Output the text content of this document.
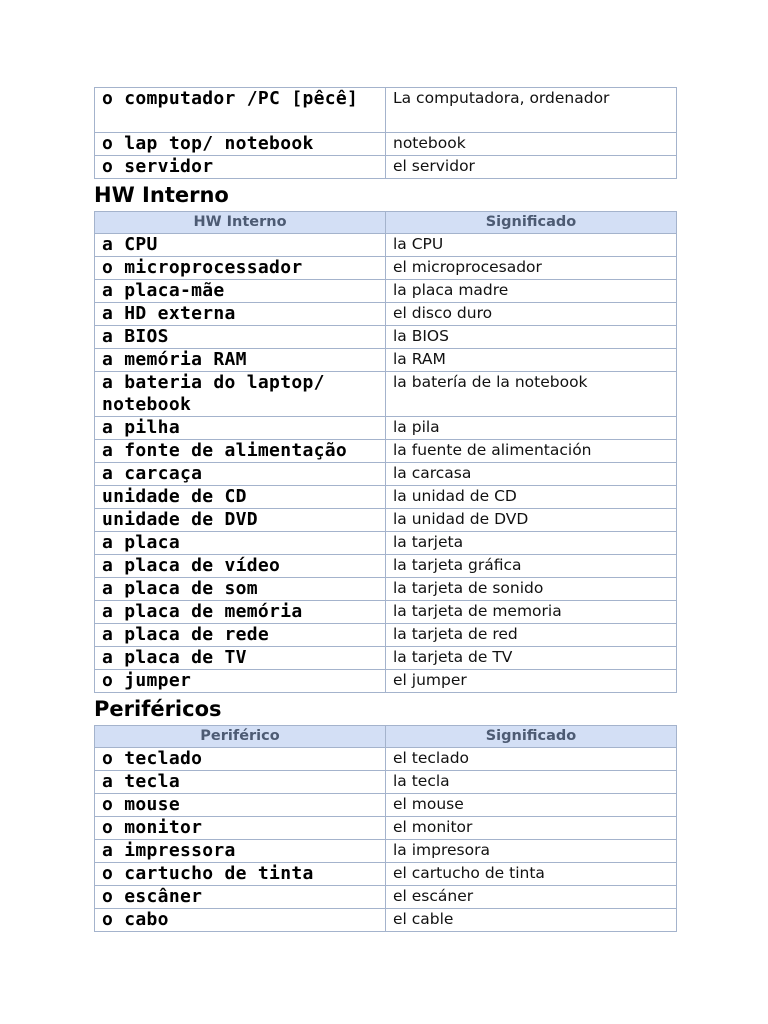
o computador /PC [pêcê]	La computadora, ordenador
o lap top/ notebook	notebook
o servidor	el servidor
HW Interno
HW Interno	Significado
a CPU	la CPU
o microprocessador	el microprocesador
a placa-mãe	la placa madre
a HD externa	el disco duro
a BIOS	la BIOS
a memória RAM	la RAM
a bateria do laptop/ notebook	la batería de la notebook
a pilha	la pila
a fonte de alimentação	la fuente de alimentación
a carcaça	la carcasa
unidade de CD	la unidad de CD
unidade de DVD	la unidad de DVD
a placa	la tarjeta
a placa de vídeo	la tarjeta gráfica
a placa de som	la tarjeta de sonido
a placa de memória	la tarjeta de memoria
a placa de rede	la tarjeta de red
a placa de TV	la tarjeta de TV
o jumper	el jumper
Periféricos
Periférico	Significado
o teclado	el teclado
a tecla	la tecla
o mouse	el mouse
o monitor	el monitor
a impressora	la impresora
o cartucho de tinta	el cartucho de tinta
o escâner	el escáner
o cabo	el cable
